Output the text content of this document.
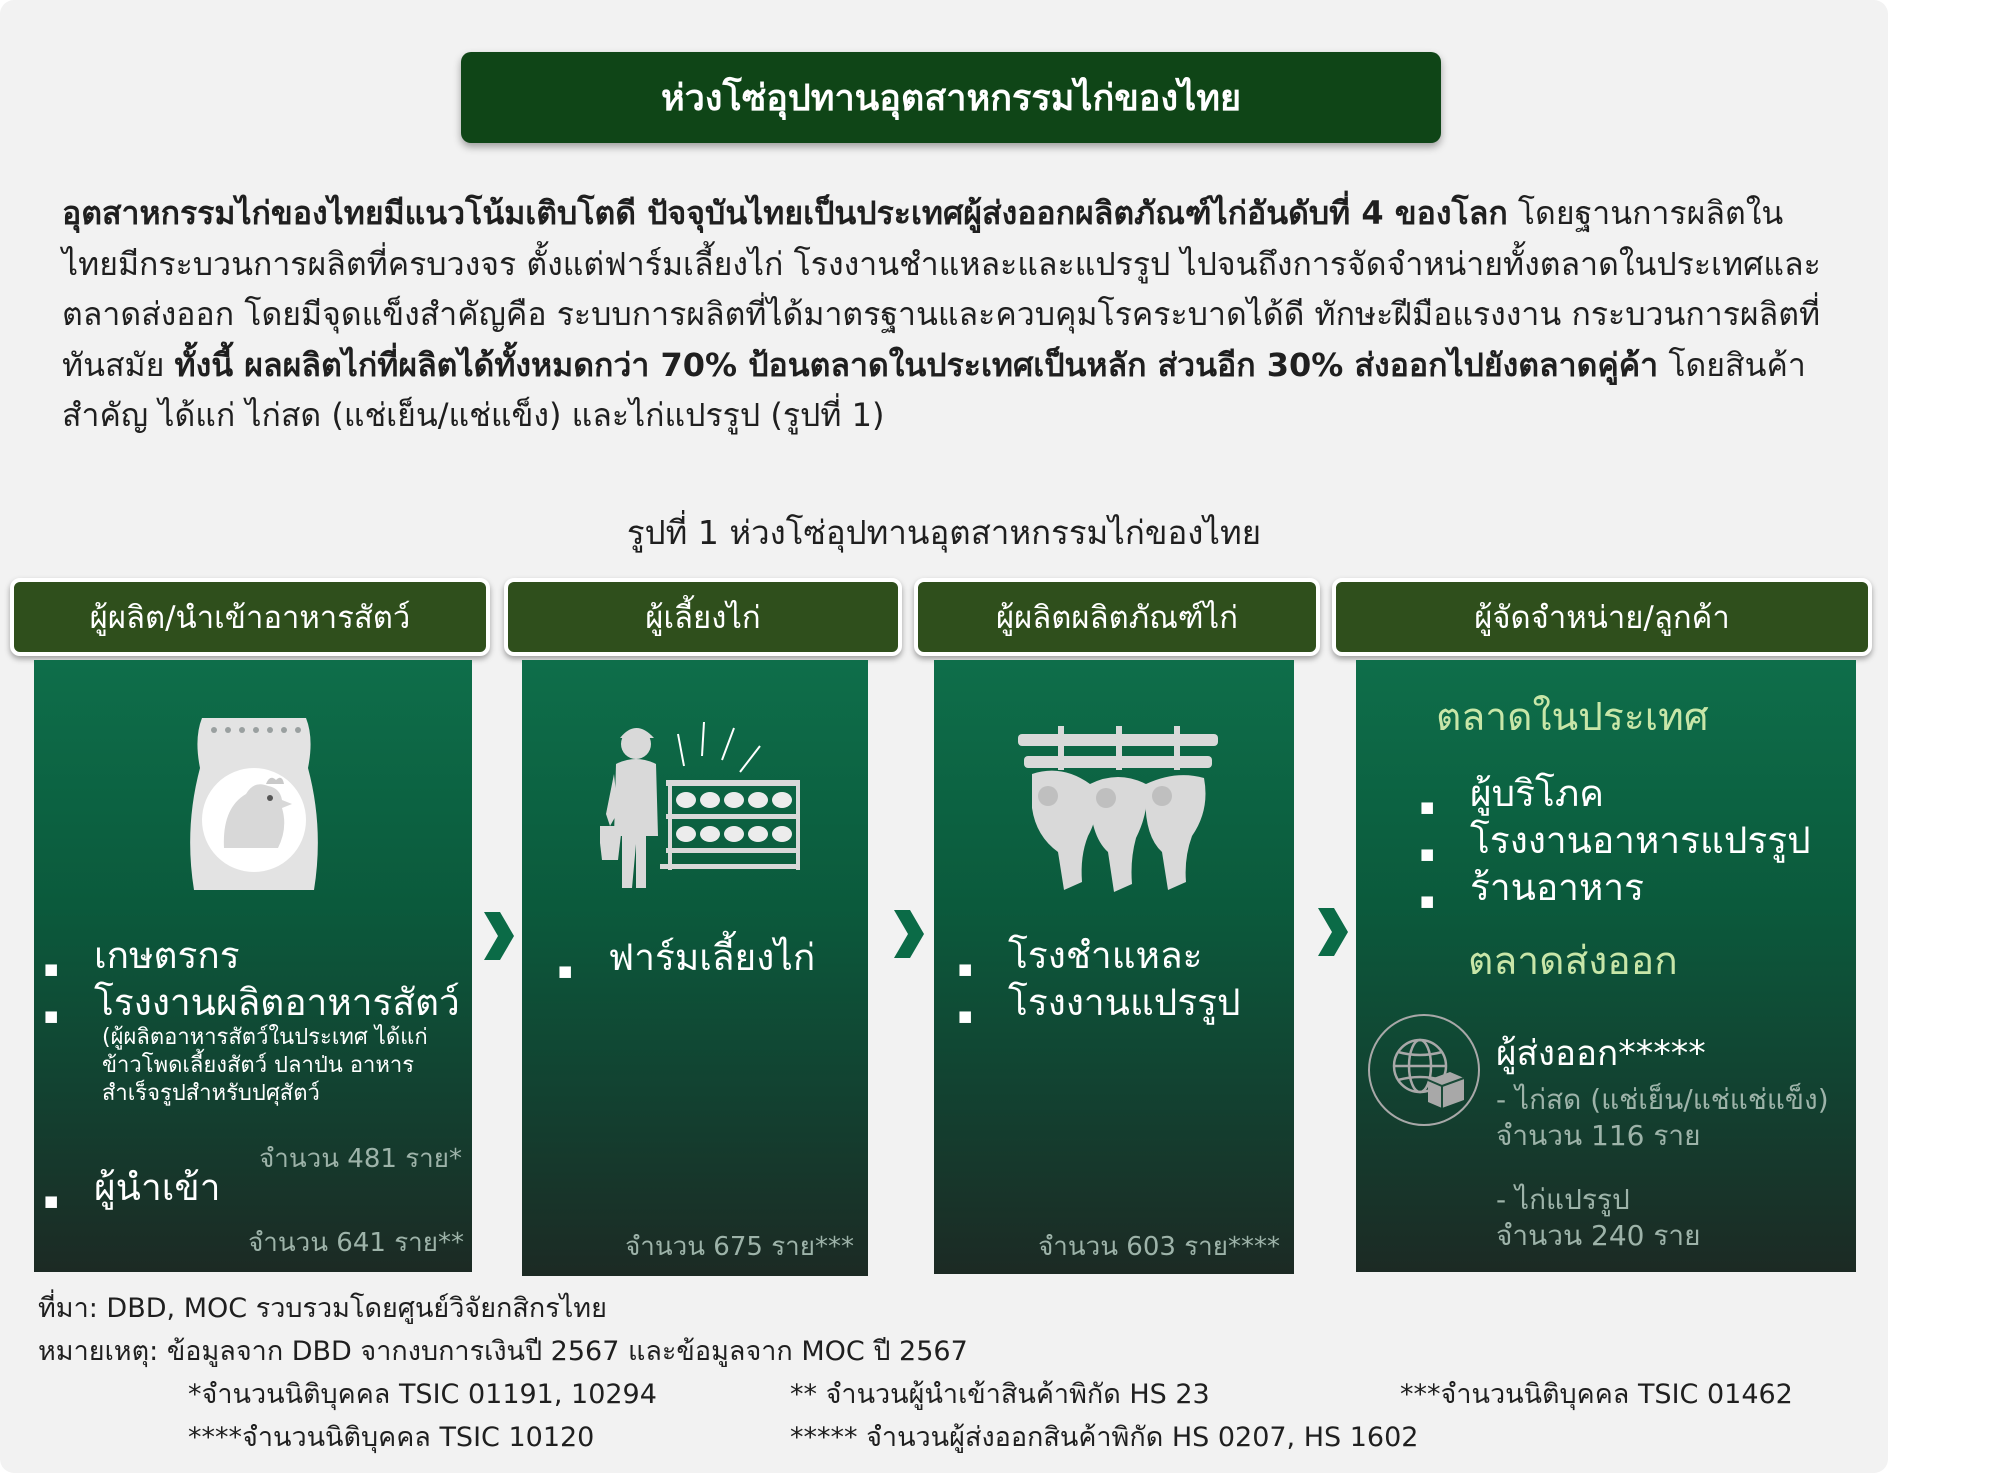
ห่วงโซ่อุปทานอุตสาหกรรมไก่ของไทย
อุตสาหกรรมไก่ของไทยมีแนวโน้มเติบโตดี ปัจจุบันไทยเป็นประเทศผู้ส่งออกผลิตภัณฑ์ไก่อันดับที่ 4 ของโลก โดยฐานการผลิตในไทยมีกระบวนการผลิตที่ครบวงจร ตั้งแต่ฟาร์มเลี้ยงไก่ โรงงานชำแหละและแปรรูป ไปจนถึงการจัดจำหน่ายทั้งตลาดในประเทศและตลาดส่งออก โดยมีจุดแข็งสำคัญคือ ระบบการผลิตที่ได้มาตรฐานและควบคุมโรคระบาดได้ดี ทักษะฝีมือแรงงาน กระบวนการผลิตที่ทันสมัย ทั้งนี้ ผลผลิตไก่ที่ผลิตได้ทั้งหมดกว่า 70% ป้อนตลาดในประเทศเป็นหลัก ส่วนอีก 30% ส่งออกไปยังตลาดคู่ค้า โดยสินค้าสำคัญ ได้แก่ ไก่สด (แช่เย็น/แช่แข็ง) และไก่แปรรูป (รูปที่ 1)
รูปที่ 1 ห่วงโซ่อุปทานอุตสาหกรรมไก่ของไทย
ผู้ผลิต/นำเข้าอาหารสัตว์	ผู้เลี้ยงไก่	ผู้ผลิตผลิตภัณฑ์ไก่	ผู้จัดจำหน่าย/ลูกค้า
■ เกษตรกร
■ โรงงานผลิตอาหารสัตว์
(ผู้ผลิตอาหารสัตว์ในประเทศ ได้แก่ ข้าวโพดเลี้ยงสัตว์ ปลาป่น อาหารสำเร็จรูปสำหรับปศุสัตว์
จำนวน 481 ราย*
■ ผู้นำเข้า
จำนวน 641 ราย**
■ ฟาร์มเลี้ยงไก่
จำนวน 675 ราย***
■ โรงชำแหละ
■ โรงงานแปรรูป
จำนวน 603 ราย****
ตลาดในประเทศ
■ ผู้บริโภค
■ โรงงานอาหารแปรรูป
■ ร้านอาหาร
ตลาดส่งออก
ผู้ส่งออก*****
- ไก่สด (แช่เย็น/แช่แช่แข็ง)
จำนวน 116 ราย
- ไก่แปรรูป
จำนวน 240 ราย
ที่มา: DBD, MOC รวบรวมโดยศูนย์วิจัยกสิกรไทย
หมายเหตุ: ข้อมูลจาก DBD จากงบการเงินปี 2567 และข้อมูลจาก MOC ปี 2567
*จำนวนนิติบุคคล TSIC 01191, 10294	** จำนวนผู้นำเข้าสินค้าพิกัด HS 23	***จำนวนนิติบุคคล TSIC 01462
****จำนวนนิติบุคคล TSIC 10120	***** จำนวนผู้ส่งออกสินค้าพิกัด HS 0207, HS 1602
